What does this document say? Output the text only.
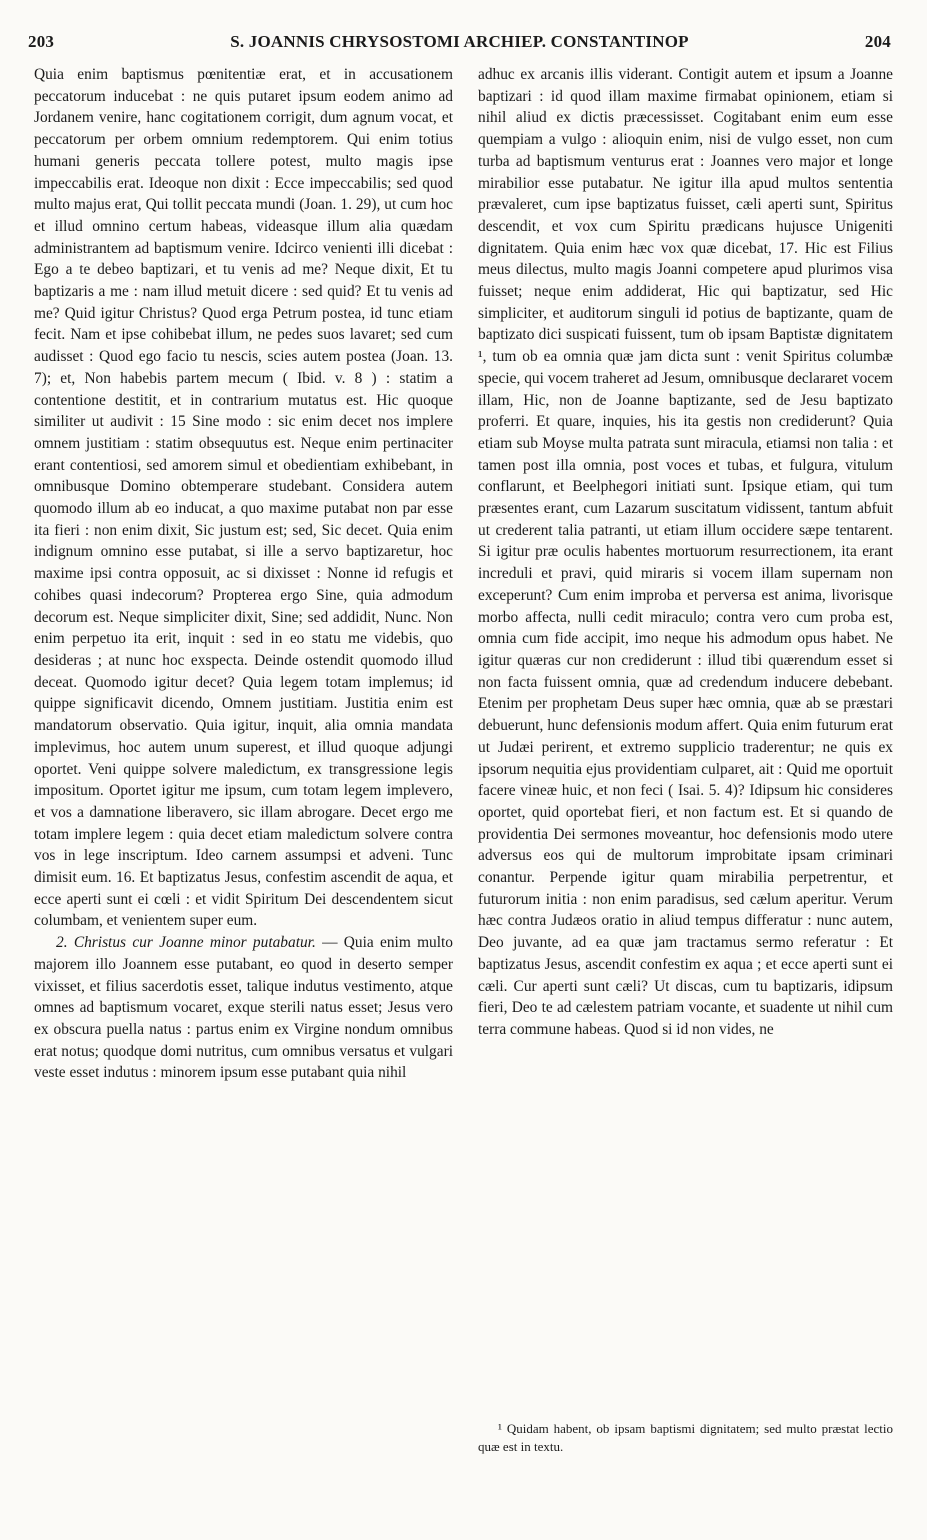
203	S. JOANNIS CHRYSOSTOMI ARCHIEP. CONSTANTINOP	204

Quia enim baptismus pœnitentiæ erat, et in accusationem peccatorum inducebat : ne quis putaret ipsum eodem animo ad Jordanem venire, hanc cogitationem corrigit, dum agnum vocat, et peccatorum per orbem omnium redemptorem. Qui enim totius humani generis peccata tollere potest, multo magis ipse impeccabilis erat. Ideoque non dixit : Ecce impeccabilis; sed quod multo majus erat, Qui tollit peccata mundi (Joan. 1. 29), ut cum hoc et illud omnino certum habeas, videasque illum alia quædam administrantem ad baptismum venire. Idcirco venienti illi dicebat : Ego a te debeo baptizari, et tu venis ad me? Neque dixit, Et tu baptizaris a me : nam illud metuit dicere : sed quid? Et tu venis ad me? Quid igitur Christus? Quod erga Petrum postea, id tunc etiam fecit. Nam et ipse cohibebat illum, ne pedes suos lavaret; sed cum audisset : Quod ego facio tu nescis, scies autem postea (Joan. 13. 7); et, Non habebis partem mecum ( Ibid. v. 8 ) : statim a contentione destitit, et in contrarium mutatus est. Hic quoque similiter ut audivit : 15 Sine modo : sic enim decet nos implere omnem justitiam : statim obsequutus est. Neque enim pertinaciter erant contentiosi, sed amorem simul et obedientiam exhibebant, in omnibusque Domino obtemperare studebant. Considera autem quomodo illum ab eo inducat, a quo maxime putabat non par esse ita fieri : non enim dixit, Sic justum est; sed, Sic decet. Quia enim indignum omnino esse putabat, si ille a servo baptizaretur, hoc maxime ipsi contra opposuit, ac si dixisset : Nonne id refugis et cohibes quasi indecorum? Propterea ergo Sine, quia admodum decorum est. Neque simpliciter dixit, Sine; sed addidit, Nunc. Non enim perpetuo ita erit, inquit : sed in eo statu me videbis, quo desideras ; at nunc hoc exspecta. Deinde ostendit quomodo illud deceat. Quomodo igitur decet? Quia legem totam implemus; id quippe significavit dicendo, Omnem justitiam. Justitia enim est mandatorum observatio. Quia igitur, inquit, alia omnia mandata implevimus, hoc autem unum superest, et illud quoque adjungi oportet. Veni quippe solvere maledictum, ex transgressione legis impositum. Oportet igitur me ipsum, cum totam legem implevero, et vos a damnatione liberavero, sic illam abrogare. Decet ergo me totam implere legem : quia decet etiam maledictum solvere contra vos in lege inscriptum. Ideo carnem assumpsi et adveni. Tunc dimisit eum. 16. Et baptizatus Jesus, confestim ascendit de aqua, et ecce aperti sunt ei cœli : et vidit Spiritum Dei descendentem sicut columbam, et venientem super eum.

2. Christus cur Joanne minor putabatur. — Quia enim multo majorem illo Joannem esse putabant, eo quod in deserto semper vixisset, et filius sacerdotis esset, talique indutus vestimento, atque omnes ad baptismum vocaret, exque sterili natus esset; Jesus vero ex obscura puella natus : partus enim ex Virgine nondum omnibus erat notus; quodque domi nutritus, cum omnibus versatus et vulgari veste esset indutus : minorem ipsum esse putabant quia nihil

adhuc ex arcanis illis viderant. Contigit autem et ipsum a Joanne baptizari : id quod illam maxime firmabat opinionem, etiam si nihil aliud ex dictis præcessisset. Cogitabant enim eum esse quempiam a vulgo : alioquin enim, nisi de vulgo esset, non cum turba ad baptismum venturus erat : Joannes vero major et longe mirabilior esse putabatur. Ne igitur illa apud multos sententia prævaleret, cum ipse baptizatus fuisset, cæli aperti sunt, Spiritus descendit, et vox cum Spiritu prædicans hujusce Unigeniti dignitatem. Quia enim hæc vox quæ dicebat, 17. Hic est Filius meus dilectus, multo magis Joanni competere apud plurimos visa fuisset; neque enim addiderat, Hic qui baptizatur, sed Hic simpliciter, et auditorum singuli id potius de baptizante, quam de baptizato dici suspicati fuissent, tum ob ipsam Baptistæ dignitatem ¹, tum ob ea omnia quæ jam dicta sunt : venit Spiritus columbæ specie, qui vocem traheret ad Jesum, omnibusque declararet vocem illam, Hic, non de Joanne baptizante, sed de Jesu baptizato proferri. Et quare, inquies, his ita gestis non crediderunt? Quia etiam sub Moyse multa patrata sunt miracula, etiamsi non talia : et tamen post illa omnia, post voces et tubas, et fulgura, vitulum conflarunt, et Beelphegori initiati sunt. Ipsique etiam, qui tum præsentes erant, cum Lazarum suscitatum vidissent, tantum abfuit ut crederent talia patranti, ut etiam illum occidere sæpe tentarent. Si igitur præ oculis habentes mortuorum resurrectionem, ita erant increduli et pravi, quid miraris si vocem illam supernam non exceperunt? Cum enim improba et perversa est anima, livorisque morbo affecta, nulli cedit miraculo; contra vero cum proba est, omnia cum fide accipit, imo neque his admodum opus habet. Ne igitur quæras cur non crediderunt : illud tibi quærendum esset si non facta fuissent omnia, quæ ad credendum inducere debebant. Etenim per prophetam Deus super hæc omnia, quæ ab se præstari debuerunt, hunc defensionis modum affert. Quia enim futurum erat ut Judæi perirent, et extremo supplicio traderentur; ne quis ex ipsorum nequitia ejus providentiam culparet, ait : Quid me oportuit facere vineæ huic, et non feci ( Isai. 5. 4)? Idipsum hic consideres oportet, quid oportebat fieri, et non factum est. Et si quando de providentia Dei sermones moveantur, hoc defensionis modo utere adversus eos qui de multorum improbitate ipsam criminari conantur. Perpende igitur quam mirabilia perpetrentur, et futurorum initia : non enim paradisus, sed cælum aperitur. Verum hæc contra Judæos oratio in aliud tempus differatur : nunc autem, Deo juvante, ad ea quæ jam tractamus sermo referatur : Et baptizatus Jesus, ascendit confestim ex aqua ; et ecce aperti sunt ei cæli. Cur aperti sunt cæli? Ut discas, cum tu baptizaris, idipsum fieri, Deo te ad cælestem patriam vocante, et suadente ut nihil cum terra commune habeas. Quod si id non vides, ne

¹ Quidam habent, ob ipsam baptismi dignitatem; sed multo præstat lectio quæ est in textu.
